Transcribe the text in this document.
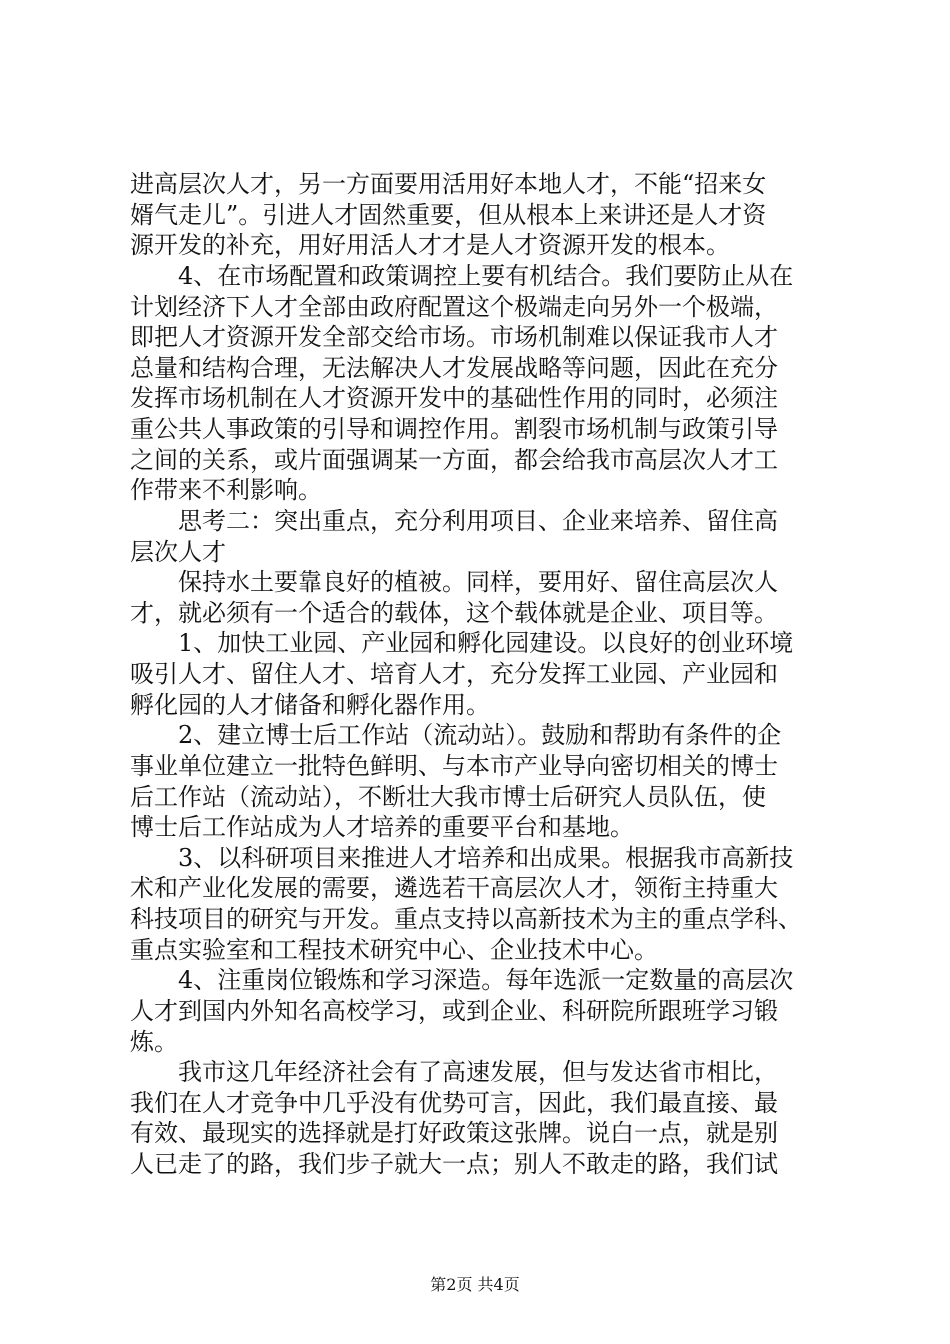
进高层次人才，另一方面要用活用好本地人才，不能“招来女
婿气走儿”。引进人才固然重要，但从根本上来讲还是人才资
源开发的补充，用好用活人才才是人才资源开发的根本。
4、在市场配置和政策调控上要有机结合。我们要防止从在
计划经济下人才全部由政府配置这个极端走向另外一个极端，
即把人才资源开发全部交给市场。市场机制难以保证我市人才
总量和结构合理，无法解决人才发展战略等问题，因此在充分
发挥市场机制在人才资源开发中的基础性作用的同时，必须注
重公共人事政策的引导和调控作用。割裂市场机制与政策引导
之间的关系，或片面强调某一方面，都会给我市高层次人才工
作带来不利影响。
思考二：突出重点，充分利用项目、企业来培养、留住高
层次人才
保持水土要靠良好的植被。同样，要用好、留住高层次人
才，就必须有一个适合的载体，这个载体就是企业、项目等。
1、加快工业园、产业园和孵化园建设。以良好的创业环境
吸引人才、留住人才、培育人才，充分发挥工业园、产业园和
孵化园的人才储备和孵化器作用。
2、建立博士后工作站（流动站）。鼓励和帮助有条件的企
事业单位建立一批特色鲜明、与本市产业导向密切相关的博士
后工作站（流动站），不断壮大我市博士后研究人员队伍，使
博士后工作站成为人才培养的重要平台和基地。
3、以科研项目来推进人才培养和出成果。根据我市高新技
术和产业化发展的需要，遴选若干高层次人才，领衔主持重大
科技项目的研究与开发。重点支持以高新技术为主的重点学科、
重点实验室和工程技术研究中心、企业技术中心。
4、注重岗位锻炼和学习深造。每年选派一定数量的高层次
人才到国内外知名高校学习，或到企业、科研院所跟班学习锻
炼。
我市这几年经济社会有了高速发展，但与发达省市相比，
我们在人才竞争中几乎没有优势可言，因此，我们最直接、最
有效、最现实的选择就是打好政策这张牌。说白一点，就是别
人已走了的路，我们步子就大一点；别人不敢走的路，我们试
第2页 共4页
